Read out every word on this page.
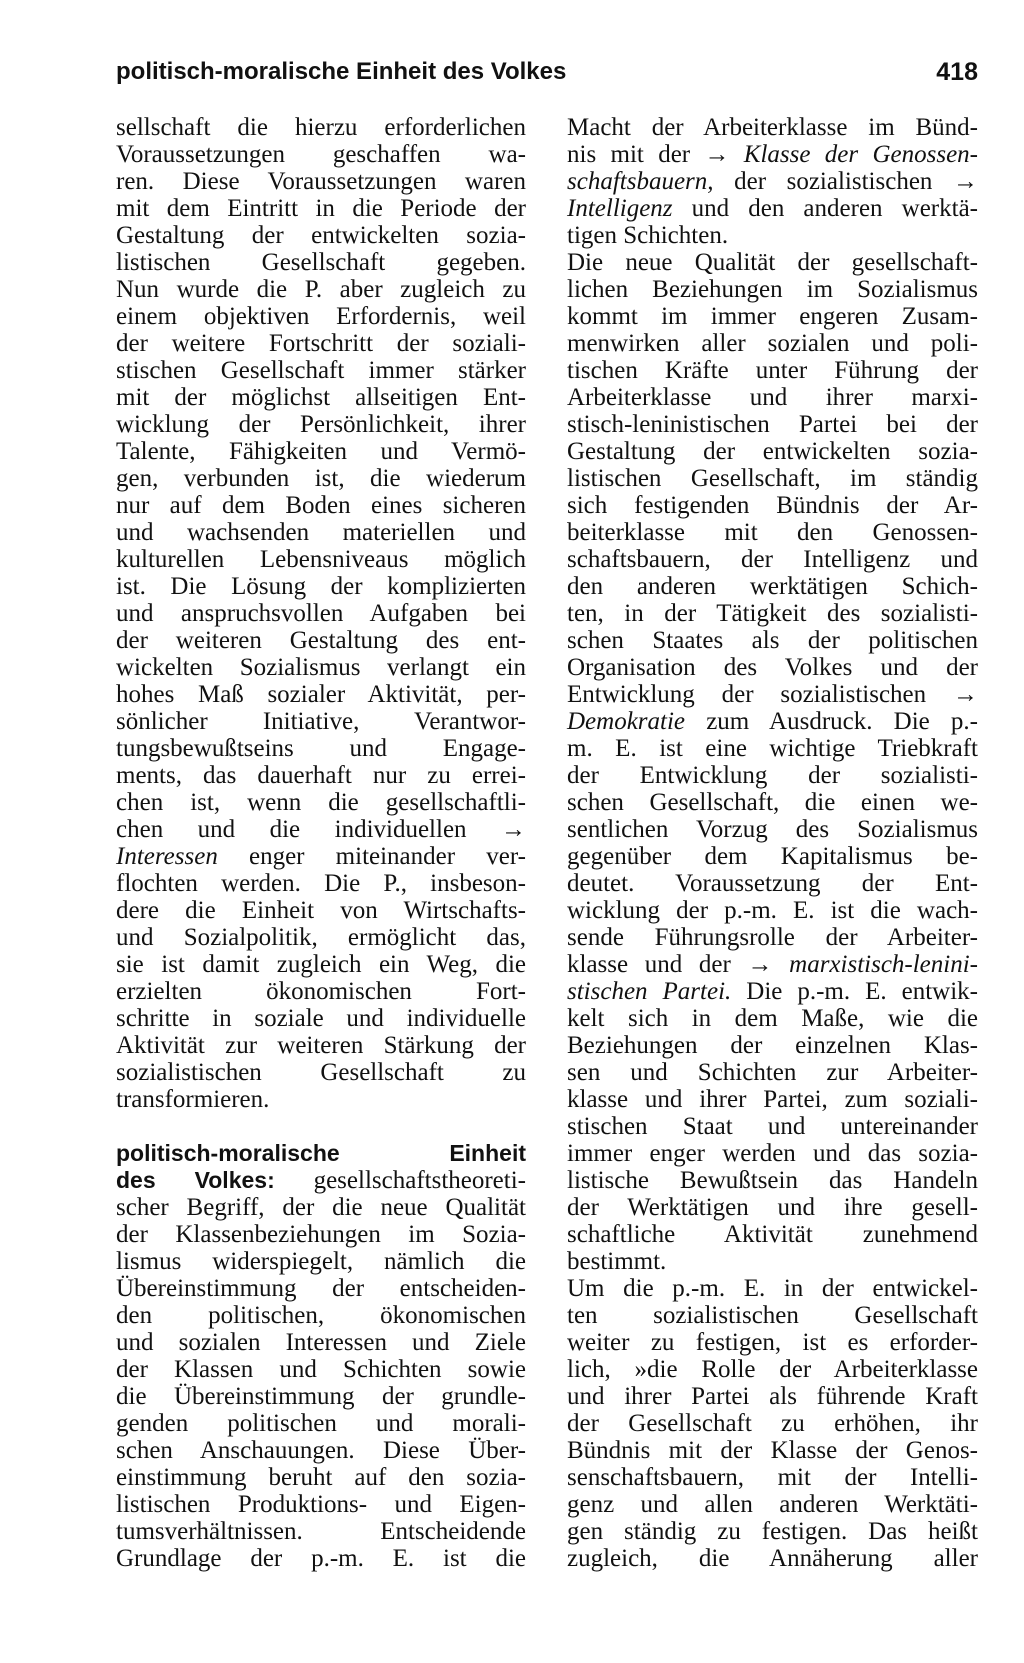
politisch-moralische Einheit des Volkes	418
sellschaft die hierzu erforderlichen
Voraussetzungen geschaffen wa-
ren. Diese Voraussetzungen waren
mit dem Eintritt in die Periode der
Gestaltung der entwickelten sozia-
listischen Gesellschaft gegeben.
Nun wurde die P. aber zugleich zu
einem objektiven Erfordernis, weil
der weitere Fortschritt der soziali-
stischen Gesellschaft immer stärker
mit der möglichst allseitigen Ent-
wicklung der Persönlichkeit, ihrer
Talente, Fähigkeiten und Vermö-
gen, verbunden ist, die wiederum
nur auf dem Boden eines sicheren
und wachsenden materiellen und
kulturellen Lebensniveaus möglich
ist. Die Lösung der komplizierten
und anspruchsvollen Aufgaben bei
der weiteren Gestaltung des ent-
wickelten Sozialismus verlangt ein
hohes Maß sozialer Aktivität, per-
sönlicher Initiative, Verantwor-
tungsbewußtseins und Engage-
ments, das dauerhaft nur zu errei-
chen ist, wenn die gesellschaftli-
chen und die individuellen →
Interessen enger miteinander ver-
flochten werden. Die P., insbeson-
dere die Einheit von Wirtschafts-
und Sozialpolitik, ermöglicht das,
sie ist damit zugleich ein Weg, die
erzielten ökonomischen Fort-
schritte in soziale und individuelle
Aktivität zur weiteren Stärkung der
sozialistischen Gesellschaft zu
transformieren.
politisch-moralische Einheit
des Volkes: gesellschaftstheoreti-
scher Begriff, der die neue Qualität
der Klassenbeziehungen im Sozia-
lismus widerspiegelt, nämlich die
Übereinstimmung der entscheiden-
den politischen, ökonomischen
und sozialen Interessen und Ziele
der Klassen und Schichten sowie
die Übereinstimmung der grundle-
genden politischen und morali-
schen Anschauungen. Diese Über-
einstimmung beruht auf den sozia-
listischen Produktions- und Eigen-
tumsverhältnissen. Entscheidende
Grundlage der p.-m. E. ist die
Macht der Arbeiterklasse im Bünd-
nis mit der → Klasse der Genossen-
schaftsbauern, der sozialistischen →
Intelligenz und den anderen werktä-
tigen Schichten.
Die neue Qualität der gesellschaft-
lichen Beziehungen im Sozialismus
kommt im immer engeren Zusam-
menwirken aller sozialen und poli-
tischen Kräfte unter Führung der
Arbeiterklasse und ihrer marxi-
stisch-leninistischen Partei bei der
Gestaltung der entwickelten sozia-
listischen Gesellschaft, im ständig
sich festigenden Bündnis der Ar-
beiterklasse mit den Genossen-
schaftsbauern, der Intelligenz und
den anderen werktätigen Schich-
ten, in der Tätigkeit des sozialisti-
schen Staates als der politischen
Organisation des Volkes und der
Entwicklung der sozialistischen →
Demokratie zum Ausdruck. Die p.-
m. E. ist eine wichtige Triebkraft
der Entwicklung der sozialisti-
schen Gesellschaft, die einen we-
sentlichen Vorzug des Sozialismus
gegenüber dem Kapitalismus be-
deutet. Voraussetzung der Ent-
wicklung der p.-m. E. ist die wach-
sende Führungsrolle der Arbeiter-
klasse und der → marxistisch-lenini-
stischen Partei. Die p.-m. E. entwik-
kelt sich in dem Maße, wie die
Beziehungen der einzelnen Klas-
sen und Schichten zur Arbeiter-
klasse und ihrer Partei, zum soziali-
stischen Staat und untereinander
immer enger werden und das sozia-
listische Bewußtsein das Handeln
der Werktätigen und ihre gesell-
schaftliche Aktivität zunehmend
bestimmt.
Um die p.-m. E. in der entwickel-
ten sozialistischen Gesellschaft
weiter zu festigen, ist es erforder-
lich, »die Rolle der Arbeiterklasse
und ihrer Partei als führende Kraft
der Gesellschaft zu erhöhen, ihr
Bündnis mit der Klasse der Genos-
senschaftsbauern, mit der Intelli-
genz und allen anderen Werktäti-
gen ständig zu festigen. Das heißt
zugleich, die Annäherung aller
